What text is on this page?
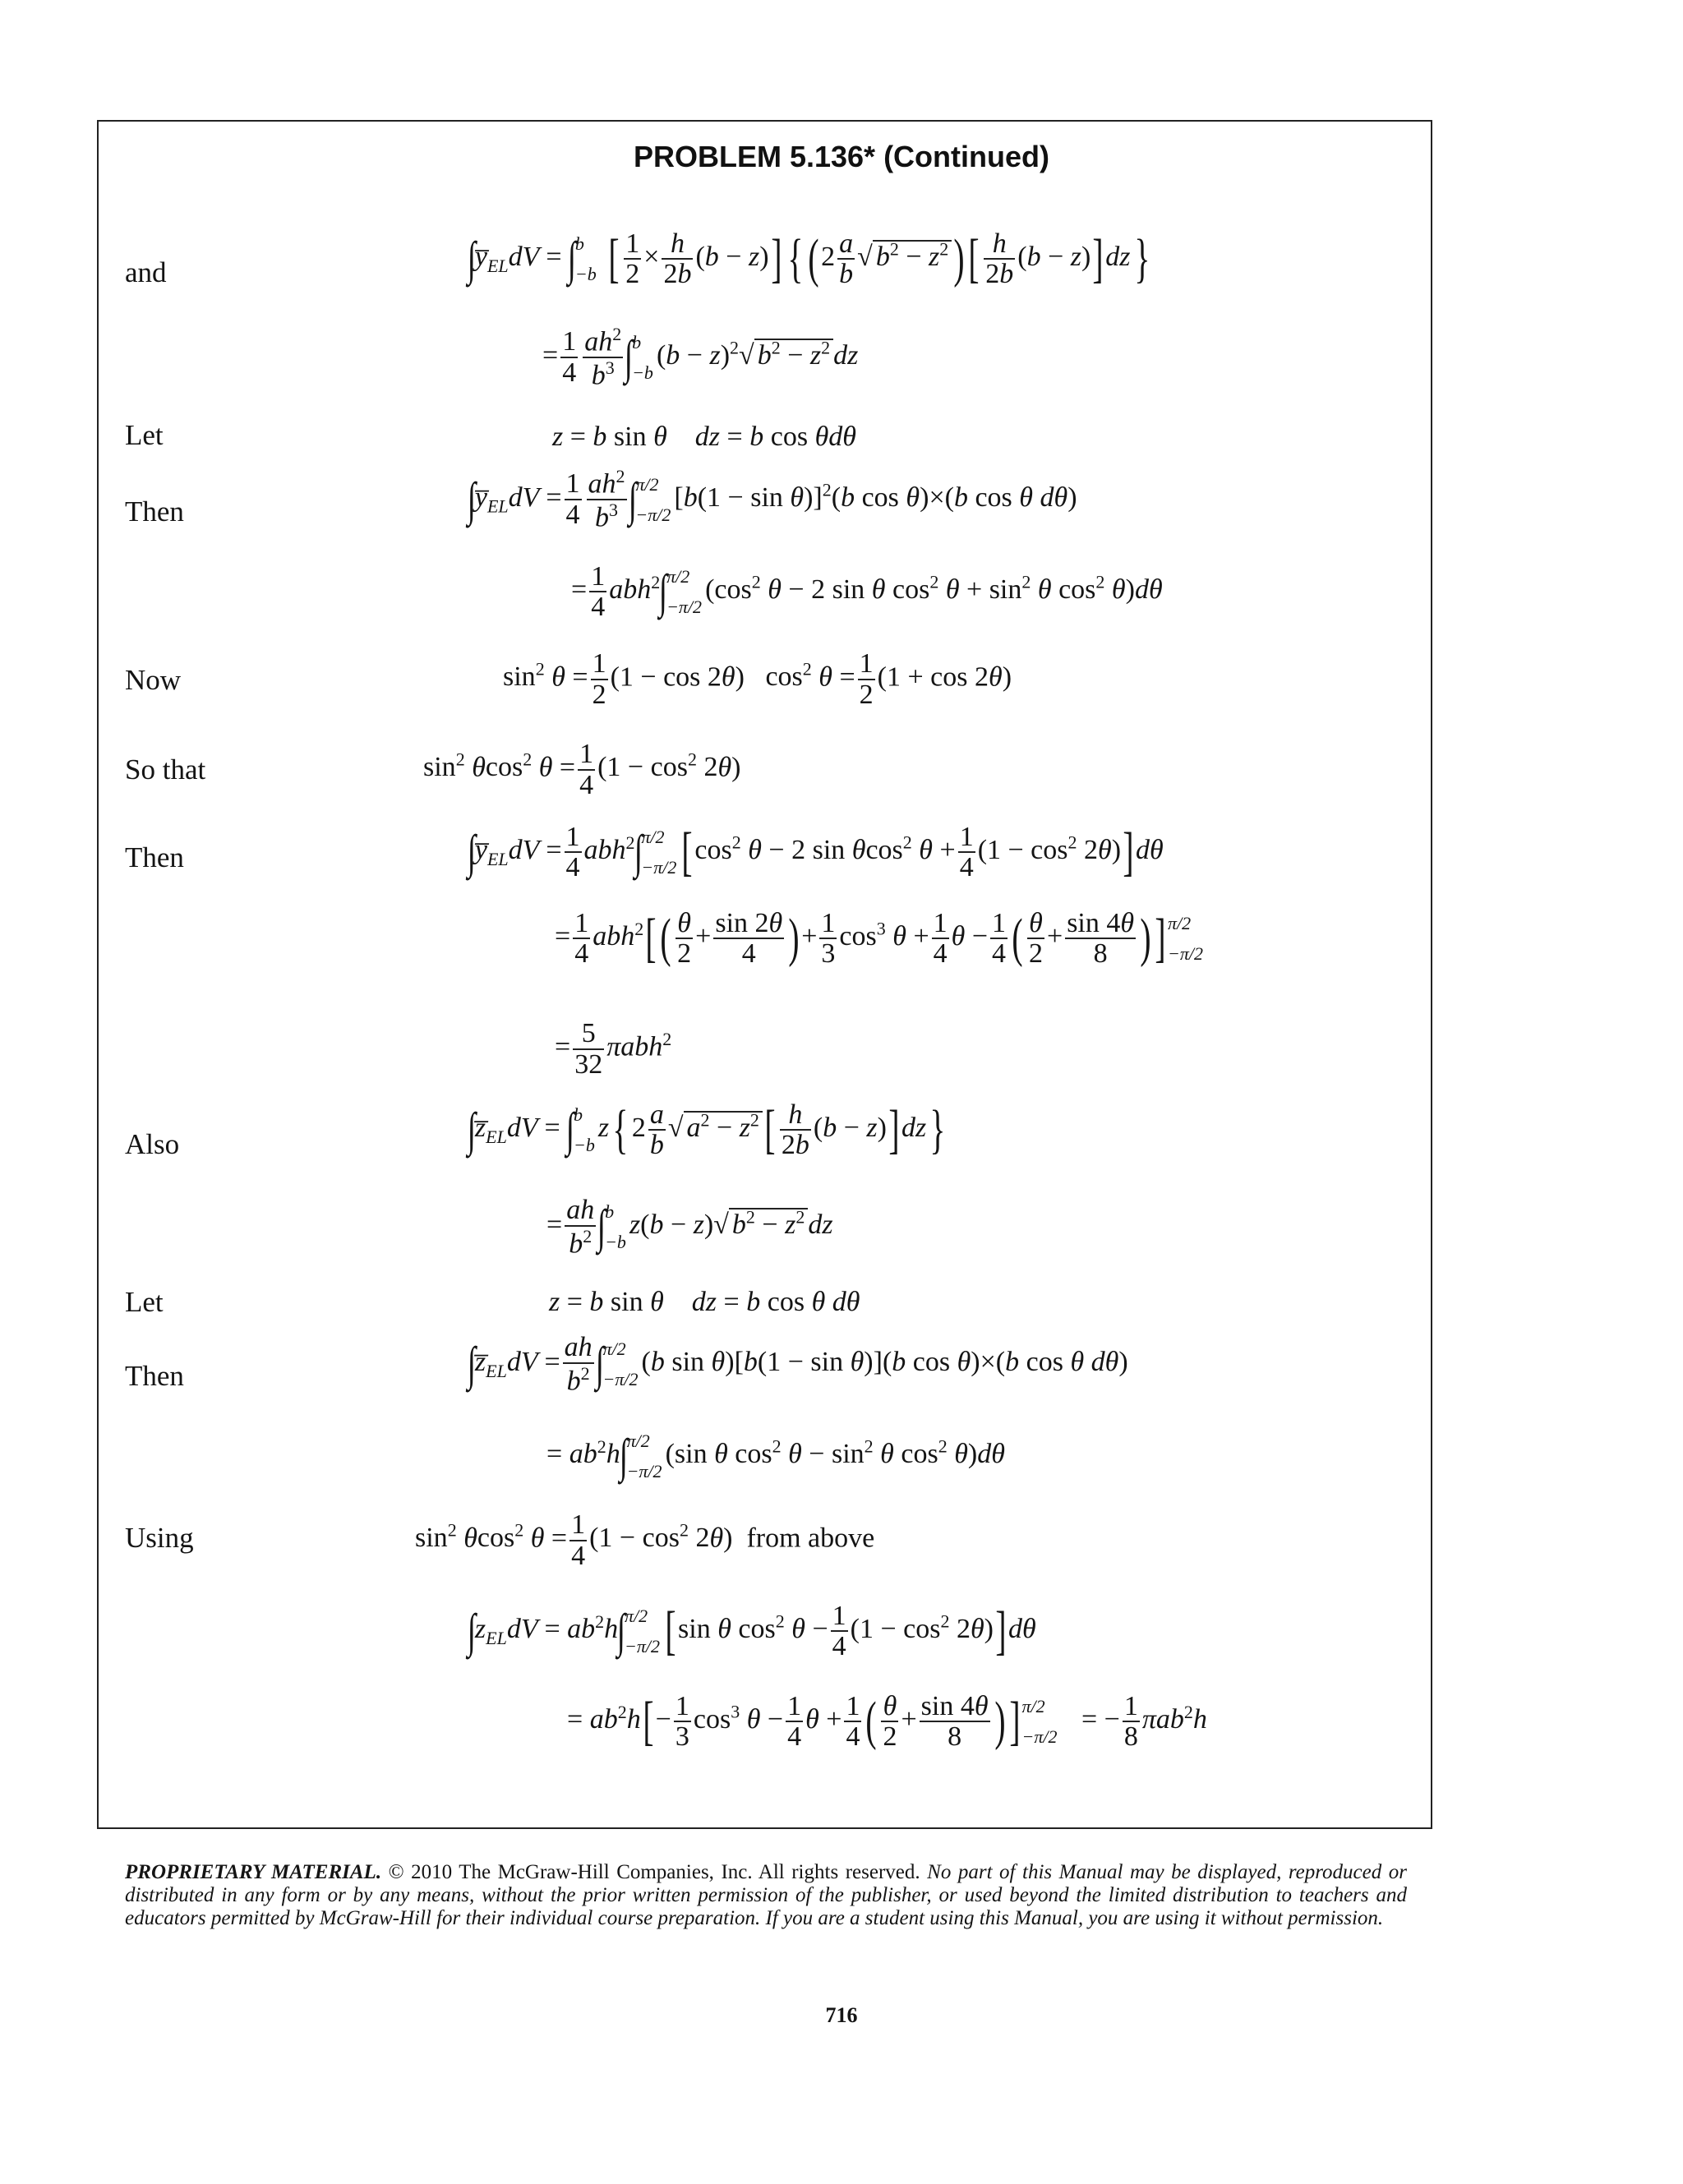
PROBLEM 5.136* (Continued)
and
Let
Then
Now
So that
Then
Also
Let
Then
Using
$\int y̅_{EL}dV$ = ∫
b
−b [ $\frac{1}{2} \times \frac{h}{2b} (b - z)$] { ($2 \frac{a}{b}$ √ $b^2 - z^2)[ \frac{h}{2b} (b - z)]dz$}
= $\frac{1}{4} \frac{ah^2}{b^3}$ ∫
b
−b
$(b - z)^2√$ $b^2 - z^2$ dz
z = b sin θ    dz = b cos θdθ
$\int y̅_{EL}dV = \frac{1}{4} \frac{ah^2}{b^3}$ ∫
π/2
−π/2
$[b(1 - \sin \theta)]^2(b$ cos θ)×(b cos θ dθ)
= $\frac{1}{4} abh^2\int$
π/2
−π/2
($\cos^2$ θ − 2 sin θ $\cos^2 \theta + \sin^2 \theta$ $\cos^2 \theta)d\theta$
$\sin^2 \theta = \frac{1}{2} (1 - \cos 2\theta)$ $\cos^2 \theta = \frac{1}{2} (1 + \cos 2\theta)$
$\sin^2 \theta\cos^2$ $\theta = \frac{1}{4} (1 - \cos^2 2\theta)$
$\int y̅_{EL}dV = \frac{1}{4} abh^2\int$
π/2
−π/2 [$\cos^2$ θ − 2 sin θcos$^2$ $\theta + \frac{1}{4} (1 - \cos^2 2\theta)]d\theta$
= $\frac{1}{4} abh^2[( \frac{\theta}{2} + \frac{\sin 2\theta}{4}$ )+ $\frac{1}{3} \cos^3 \theta + \frac{1}{4}$ $\theta - \frac{1}{4}$ ( $\frac{\theta}{2} + \frac{\sin 4\theta}{8}$ )] π/2
−π/2
= $\frac{5}{32} \pi abh^2$
$\int z̅_{EL}dV$ = ∫
b
−b
z{ $2 \frac{a}{b}$ √ $a^2 - z^2[ \frac{h}{2b} (b - z)]dz$}
= $\frac{ah}{b^2}$ ∫
b
−b
z(b − z)√ $b^2 - z^2$ dz
z = b sin θ    dz = b cos θ dθ
$\int z̅_{EL}dV = \frac{ah}{b^2}$ ∫
π/2
−π/2
(b sin θ)[b(1 − sin θ)](b cos θ)×(b cos θ dθ)
= $ab^2h\int$
π/2
−π/2
(sin θ $\cos^2 \theta - \sin^2 \theta$ $\cos^2 \theta)d\theta$
$\sin^2 \theta\cos^2$ $\theta = \frac{1}{4} (1 - \cos^2 2\theta)$  from above
$\int z_{EL}dV = ab^2h\int$
π/2
−π/2 [sin θ $\cos^2 \theta - \frac{1}{4} (1 - \cos^2 2\theta)]d\theta$
= $ab^2h[- \frac{1}{3} \cos^3 \theta - \frac{1}{4}$ $\theta + \frac{1}{4}$ ( $\frac{\theta}{2} + \frac{\sin 4\theta}{8}$ )] π/2
−π/2
= − $\frac{1}{8} \pi ab^2h$
PROPRIETARY MATERIAL. © 2010 The McGraw-Hill Companies, Inc. All rights reserved. No part of this Manual may be displayed, reproduced or distributed in any form or by any means, without the prior written permission of the publisher, or used beyond the limited distribution to teachers and educators permitted by McGraw-Hill for their individual course preparation. If you are a student using this Manual, you are using it without permission.
716
